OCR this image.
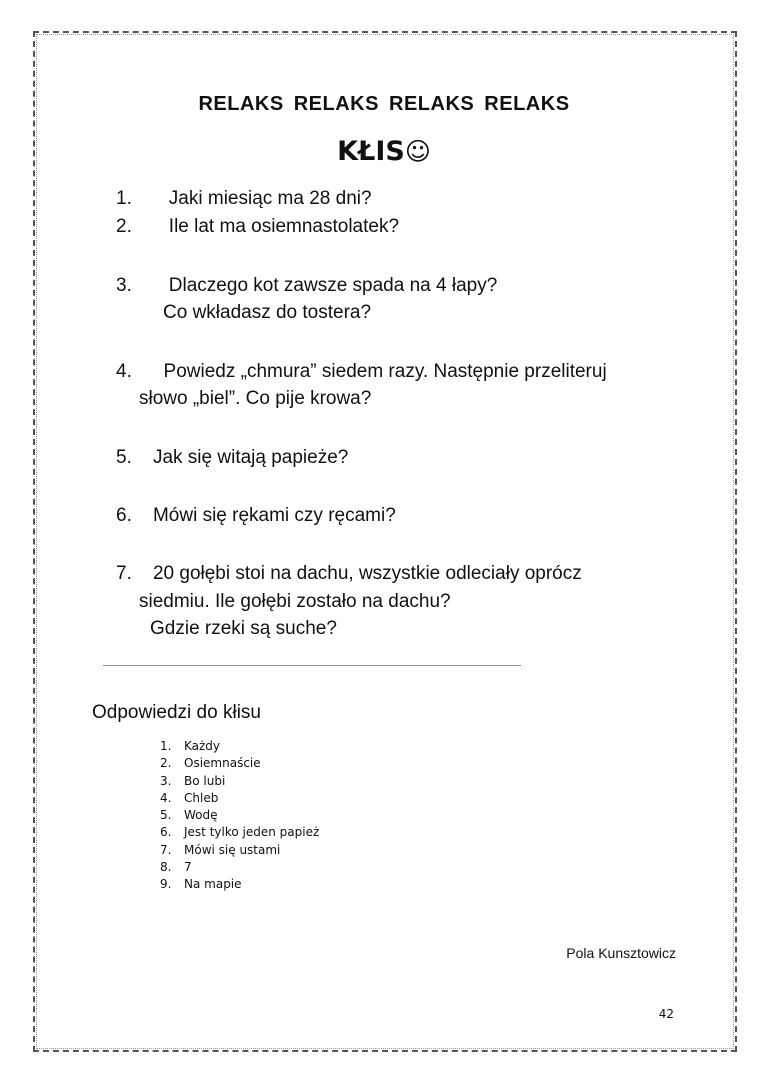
RELAKS RELAKS RELAKS RELAKS
KŁIS☺
1.       Jaki miesiąc ma 28 dni?
2.       Ile lat ma osiemnastolatek?
3.       Dlaczego kot zawsze spada na 4 łapy?
Co wkładasz do tostera?
4.      Powiedz „chmura” siedem razy. Następnie przeliteruj
słowo „biel”. Co pije krowa?
5.    Jak się witają papieże?
6.    Mówi się rękami czy ręcami?
7.    20 gołębi stoi na dachu, wszystkie odleciały oprócz
siedmiu. Ile gołębi zostało na dachu?
Gdzie rzeki są suche?
Odpowiedzi do kłisu
1. Każdy
2. Osiemnaście
3. Bo lubi
4. Chleb
5. Wodę
6. Jest tylko jeden papież
7. Mówi się ustami
8. 7
9. Na mapie
Pola Kunsztowicz
42
